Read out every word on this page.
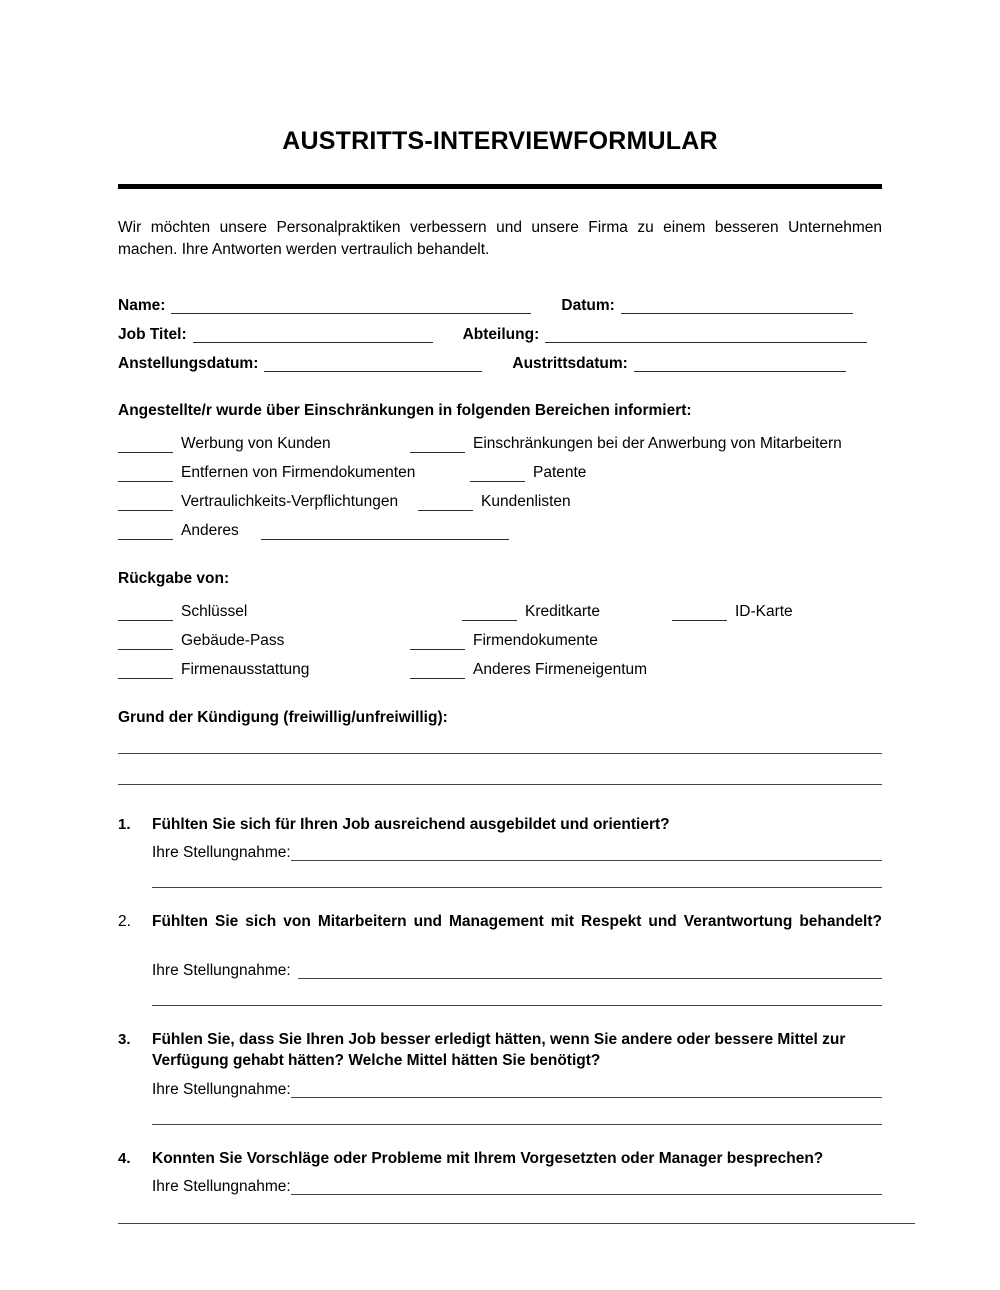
AUSTRITTS-INTERVIEWFORMULAR
Wir möchten unsere Personalpraktiken verbessern und unsere Firma zu einem besseren Unternehmen machen. Ihre Antworten werden vertraulich behandelt.
Name:	Datum:
Job Titel:	Abteilung:
Anstellungsdatum:	Austrittsdatum:
Angestellte/r wurde über Einschränkungen in folgenden Bereichen informiert:
Werbung von Kunden	Einschränkungen bei der Anwerbung von Mitarbeitern
Entfernen von Firmendokumenten	Patente
Vertraulichkeits-Verpflichtungen	Kundenlisten
Anderes
Rückgabe von:
Schlüssel	Kreditkarte	ID-Karte
Gebäude-Pass	Firmendokumente
Firmenausstattung	Anderes Firmeneigentum
Grund der Kündigung (freiwillig/unfreiwillig):
1.	Fühlten Sie sich für Ihren Job ausreichend ausgebildet und orientiert?
Ihre Stellungnahme:
2.	Fühlten Sie sich von Mitarbeitern und Management mit Respekt und Verantwortung behandelt?
Ihre Stellungnahme:
3.	Fühlen Sie, dass Sie Ihren Job besser erledigt hätten, wenn Sie andere oder bessere Mittel zur Verfügung gehabt hätten? Welche Mittel hätten Sie benötigt?
Ihre Stellungnahme:
4.	Konnten Sie Vorschläge oder Probleme mit Ihrem Vorgesetzten oder Manager besprechen?
Ihre Stellungnahme:
